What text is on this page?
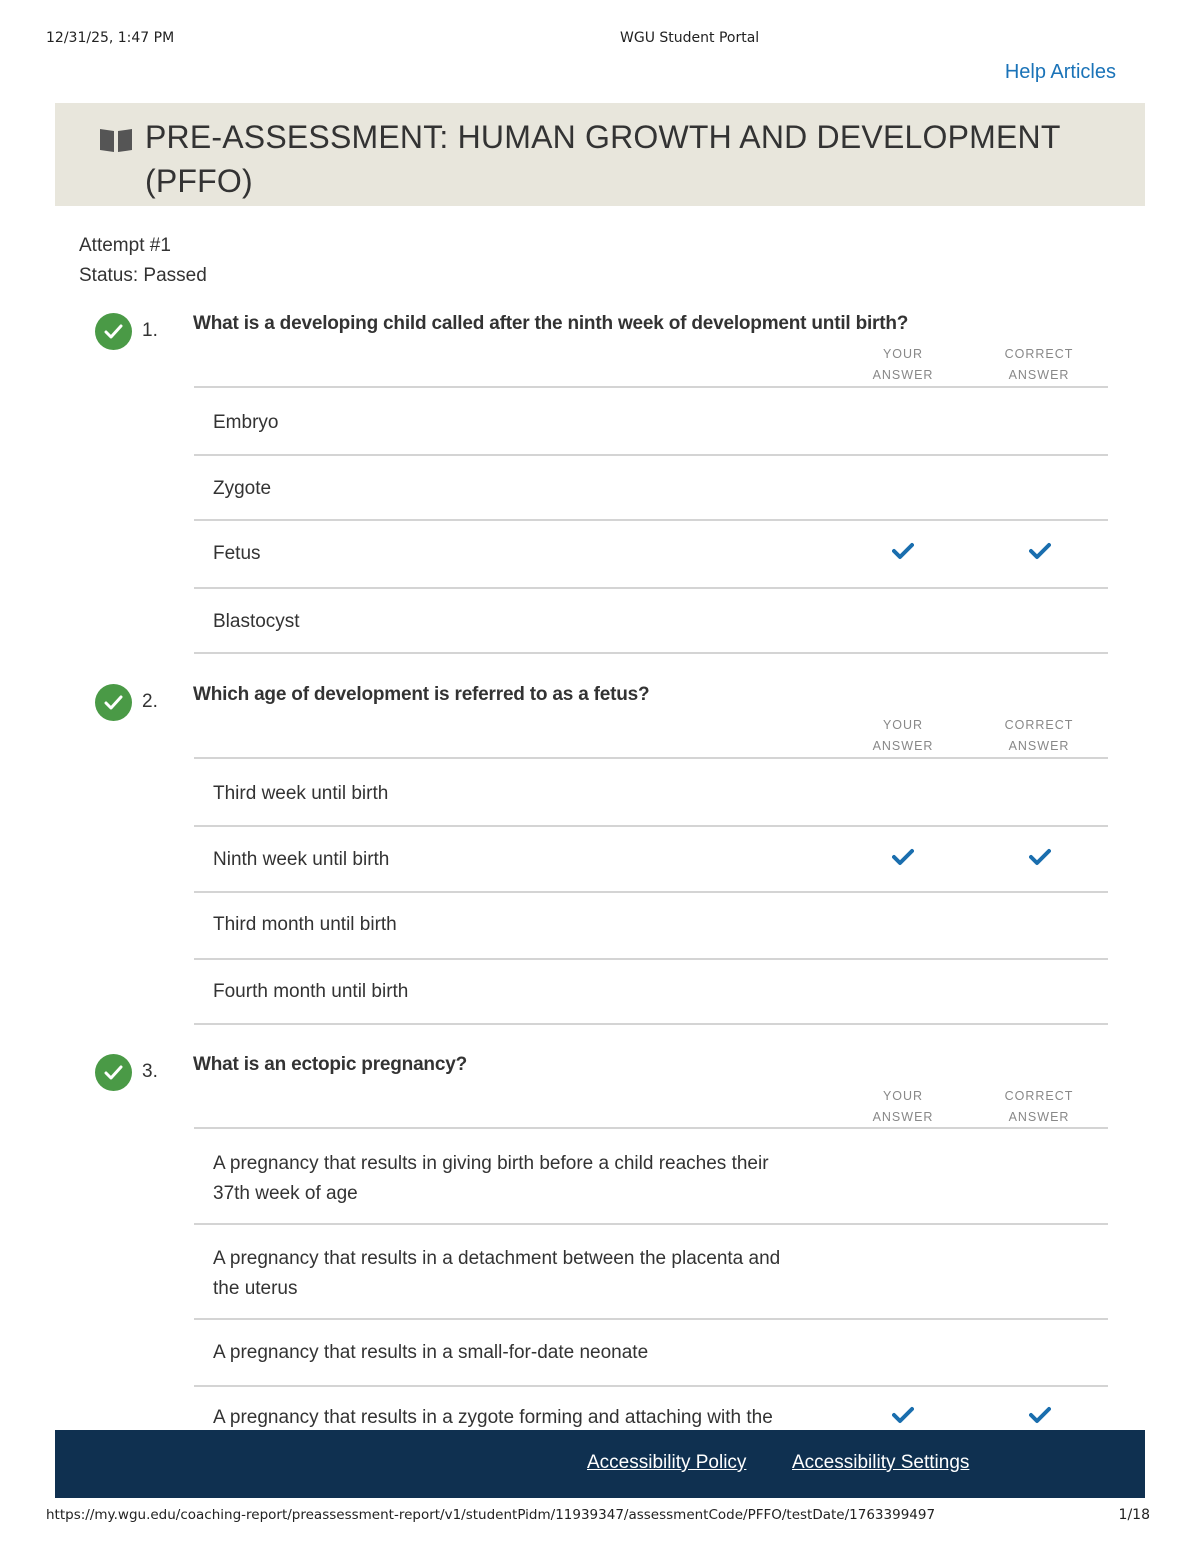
12/31/25, 1:47 PM	WGU Student Portal
Help Articles
PRE-ASSESSMENT: HUMAN GROWTH AND DEVELOPMENT
(PFFO)
Attempt #1
Status: Passed
1. What is a developing child called after the ninth week of development until birth?
YOUR
ANSWER
CORRECT
ANSWER
Embryo
Zygote
Fetus
Blastocyst
2. Which age of development is referred to as a fetus?
YOUR
ANSWER
CORRECT
ANSWER
Third week until birth
Ninth week until birth
Third month until birth
Fourth month until birth
3. What is an ectopic pregnancy?
YOUR
ANSWER
CORRECT
ANSWER
A pregnancy that results in giving birth before a child reaches their
37th week of age
A pregnancy that results in a detachment between the placenta and
the uterus
A pregnancy that results in a small-for-date neonate
A pregnancy that results in a zygote forming and attaching with the
Accessibility Policy Accessibility Settings
https://my.wgu.edu/coaching-report/preassessment-report/v1/studentPidm/11939347/assessmentCode/PFFO/testDate/1763399497	1/18
